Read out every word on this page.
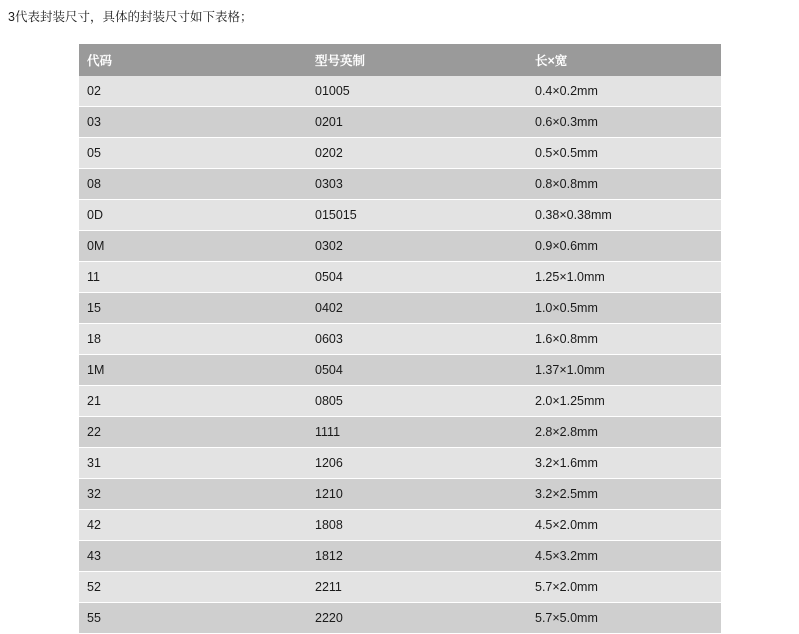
3代表封装尺寸，具体的封装尺寸如下表格；
代码	型号英制	长×宽
02	01005	0.4×0.2mm
03	0201	0.6×0.3mm
05	0202	0.5×0.5mm
08	0303	0.8×0.8mm
0D	015015	0.38×0.38mm
0M	0302	0.9×0.6mm
11	0504	1.25×1.0mm
15	0402	1.0×0.5mm
18	0603	1.6×0.8mm
1M	0504	1.37×1.0mm
21	0805	2.0×1.25mm
22	1111	2.8×2.8mm
31	1206	3.2×1.6mm
32	1210	3.2×2.5mm
42	1808	4.5×2.0mm
43	1812	4.5×3.2mm
52	2211	5.7×2.0mm
55	2220	5.7×5.0mm
